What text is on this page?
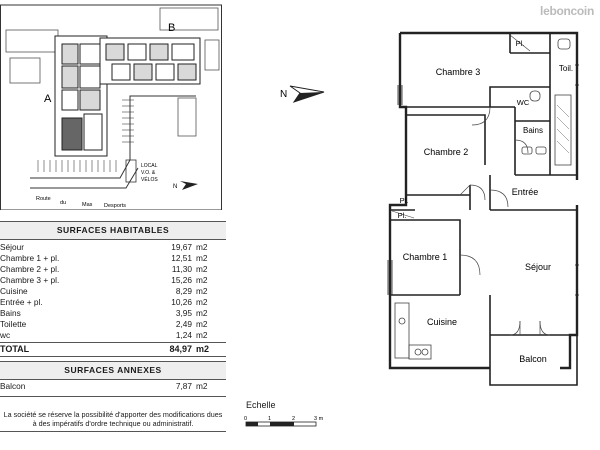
LOCAL
V.O. &
VÉLOS
A
B
Route
du	Mas Desports
N
SURFACES HABITABLES
Séjour	19,67 m2
Chambre 1 + pl.	12,51 m2
Chambre 2 + pl.	11,30 m2
Chambre 3 + pl.	15,26 m2
Cuisine	8,29 m2
Entrée + pl.	10,26 m2
Bains	3,95 m2
Toilette	2,49 m2
wc	1,24 m2
TOTAL	84,97 m2
SURFACES ANNEXES
Balcon	7,87 m2
La société se réserve la possibilité d'apporter des modifications dues
à des impératifs d'ordre technique ou administratif.
N
Chambre 3
Chambre 2
Chambre 1
Séjour
Cuisine
Entrée
Balcon
Bains
Toil.
WC
Pl.
Pl.
Pl.
Echelle
0	1	2	3 m
leboncoin
